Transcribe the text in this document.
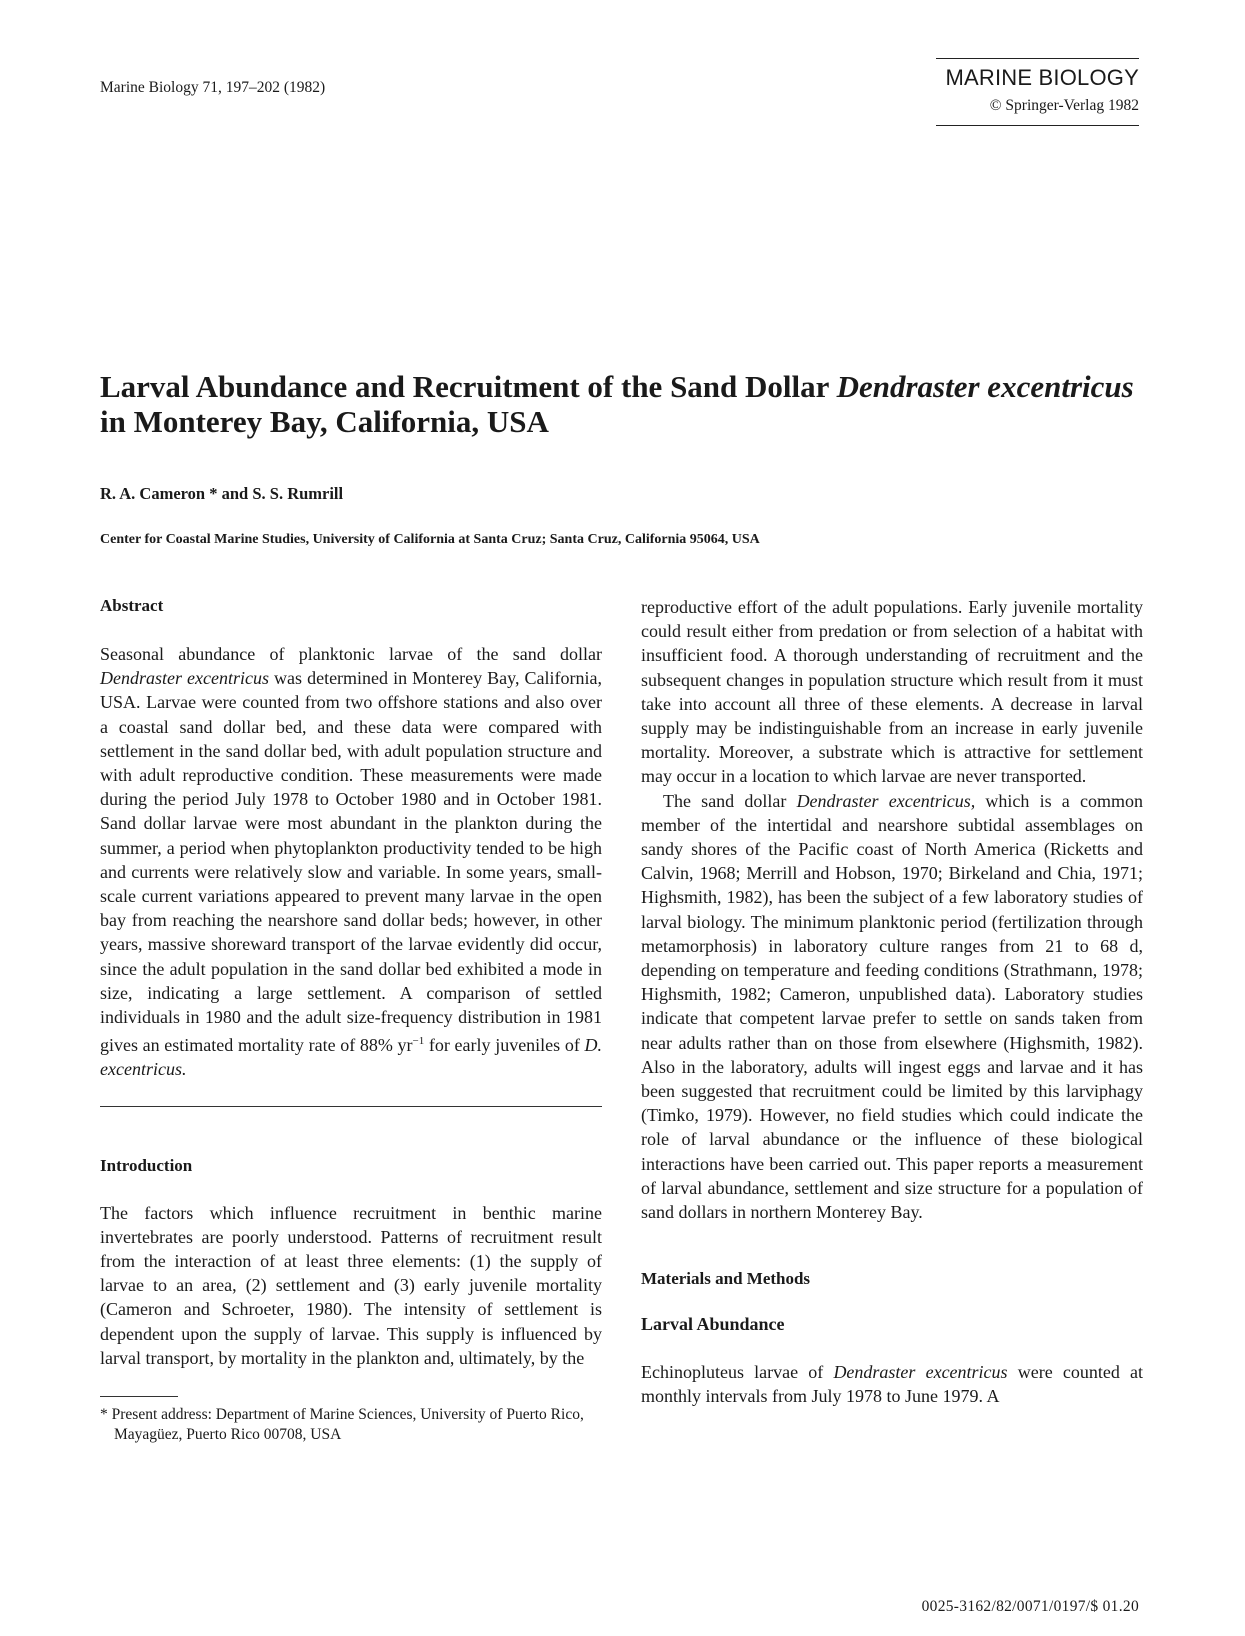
Marine Biology 71, 197–202 (1982)	MARINE BIOLOGY
© Springer-Verlag 1982
Larval Abundance and Recruitment of the Sand Dollar Dendraster excentricus
in Monterey Bay, California, USA
R. A. Cameron * and S. S. Rumrill
Center for Coastal Marine Studies, University of California at Santa Cruz; Santa Cruz, California 95064, USA
Abstract

Seasonal abundance of planktonic larvae of the sand dollar Dendraster excentricus was determined in Monterey Bay, California, USA. Larvae were counted from two offshore stations and also over a coastal sand dollar bed, and these data were compared with settlement in the sand dollar bed, with adult population structure and with adult reproductive condition. These measurements were made during the period July 1978 to October 1980 and in October 1981. Sand dollar larvae were most abundant in the plankton during the summer, a period when phytoplankton productivity tended to be high and currents were relatively slow and variable. In some years, small-scale current variations appeared to prevent many larvae in the open bay from reaching the nearshore sand dollar beds; however, in other years, massive shoreward transport of the larvae evidently did occur, since the adult population in the sand dollar bed exhibited a mode in size, indicating a large settlement. A comparison of settled individuals in 1980 and the adult size-frequency distribution in 1981 gives an estimated mortality rate of 88% $yr^{-1}$ for early juveniles of D. excentricus.

Introduction

The factors which influence recruitment in benthic marine invertebrates are poorly understood. Patterns of recruitment result from the interaction of at least three elements: (1) the supply of larvae to an area, (2) settlement and (3) early juvenile mortality (Cameron and Schroeter, 1980). The intensity of settlement is dependent upon the supply of larvae. This supply is influenced by larval transport, by mortality in the plankton and, ultimately, by the

* Present address: Department of Marine Sciences, University of Puerto Rico, Mayagüez, Puerto Rico 00708, USA

reproductive effort of the adult populations. Early juvenile mortality could result either from predation or from selection of a habitat with insufficient food. A thorough understanding of recruitment and the subsequent changes in population structure which result from it must take into account all three of these elements. A decrease in larval supply may be indistinguishable from an increase in early juvenile mortality. Moreover, a substrate which is attractive for settlement may occur in a location to which larvae are never transported.

The sand dollar Dendraster excentricus, which is a common member of the intertidal and nearshore subtidal assemblages on sandy shores of the Pacific coast of North America (Ricketts and Calvin, 1968; Merrill and Hobson, 1970; Birkeland and Chia, 1971; Highsmith, 1982), has been the subject of a few laboratory studies of larval biology. The minimum planktonic period (fertilization through metamorphosis) in laboratory culture ranges from 21 to 68 d, depending on temperature and feeding conditions (Strathmann, 1978; Highsmith, 1982; Cameron, unpublished data). Laboratory studies indicate that competent larvae prefer to settle on sands taken from near adults rather than on those from elsewhere (Highsmith, 1982). Also in the laboratory, adults will ingest eggs and larvae and it has been suggested that recruitment could be limited by this larviphagy (Timko, 1979). However, no field studies which could indicate the role of larval abundance or the influence of these biological interactions have been carried out. This paper reports a measurement of larval abundance, settlement and size structure for a population of sand dollars in northern Monterey Bay.

Materials and Methods
Larval Abundance

Echinopluteus larvae of Dendraster excentricus were counted at monthly intervals from July 1978 to June 1979. A

0025-3162/82/0071/0197/$ 01.20
